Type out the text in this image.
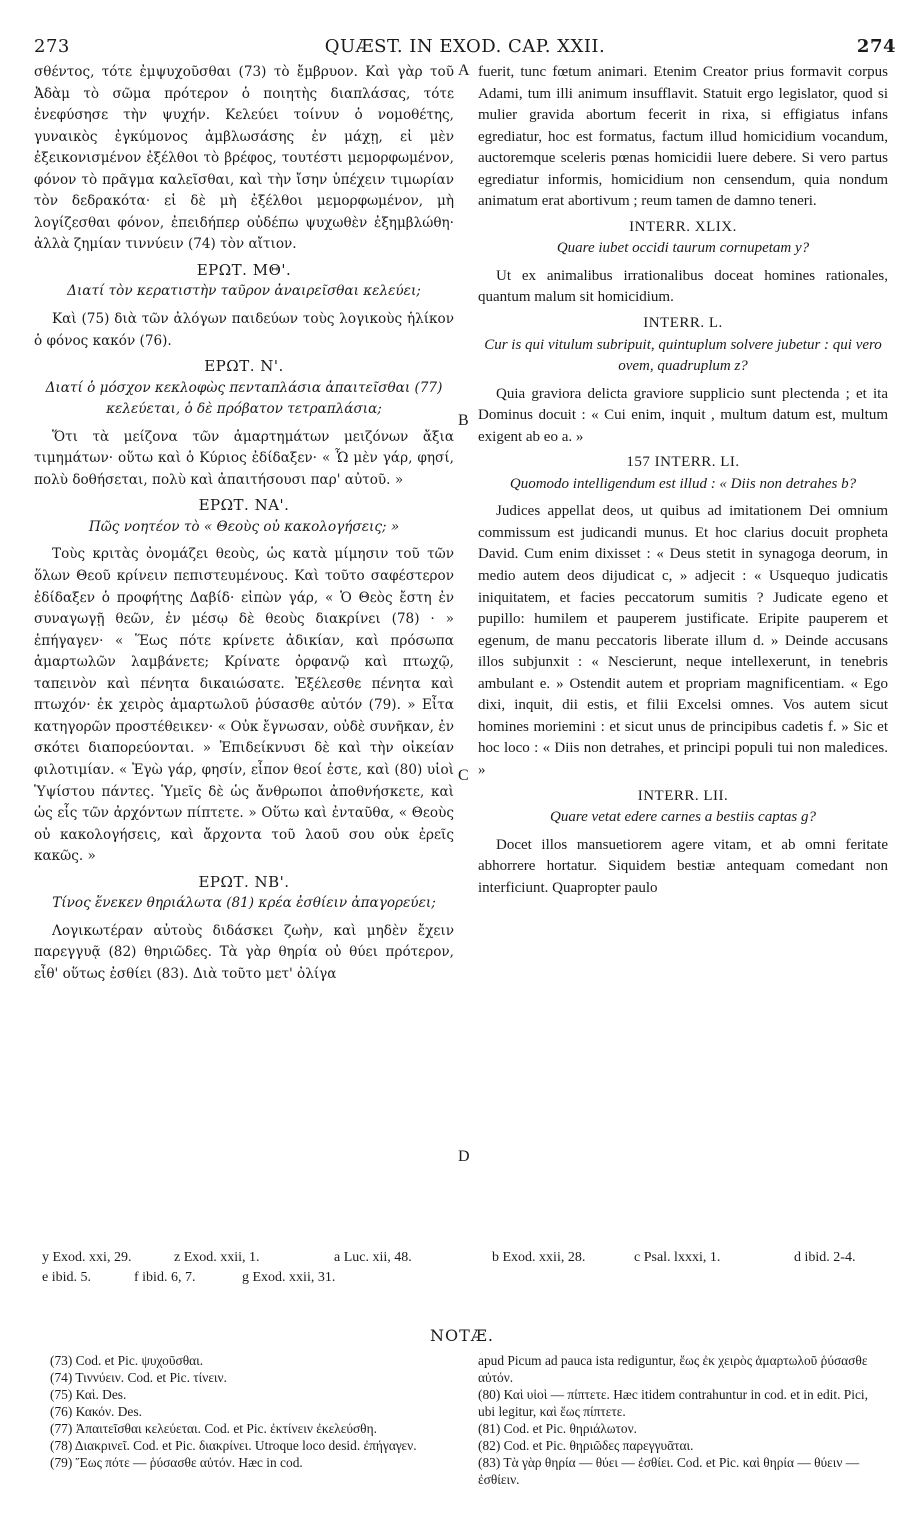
273	QUÆST. IN EXOD. CAP. XXII.	274

σθέντος, τότε ἐμψυχοῦσθαι (73) τὸ ἔμβρυον. Καὶ γὰρ τοῦ Ἀδὰμ τὸ σῶμα πρότερον ὁ ποιητὴς διαπλάσας, τότε ἐνεφύσησε τὴν ψυχήν. Κελεύει τοίνυν ὁ νομοθέτης, γυναικὸς ἐγκύμονος ἀμβλωσάσης ἐν μάχῃ, εἰ μὲν ἐξεικονισμένον ἐξέλθοι τὸ βρέφος, τουτέστι μεμορφωμένον, φόνον τὸ πρᾶγμα καλεῖσθαι, καὶ τὴν ἴσην ὑπέχειν τιμωρίαν τὸν δεδρακότα· εἰ δὲ μὴ ἐξέλθοι μεμορφωμένον, μὴ λογίζεσθαι φόνον, ἐπειδήπερ οὐδέπω ψυχωθὲν ἐξημβλώθη· ἀλλὰ ζημίαν τιννύειν (74) τὸν αἴτιον.

ΕΡΩΤ. ΜΘ'.

Διατί τὸν κερατιστὴν ταῦρον ἀναιρεῖσθαι κελεύει;

Καὶ (75) διὰ τῶν ἀλόγων παιδεύων τοὺς λογικοὺς ἡλίκον ὁ φόνος κακόν (76).

ΕΡΩΤ. Ν'.

Διατί ὁ μόσχον κεκλοφὼς πενταπλάσια ἀπαιτεῖσθαι (77) κελεύεται, ὁ δὲ πρόβατον τετραπλάσια;

Ὅτι τὰ μείζονα τῶν ἁμαρτημάτων μειζόνων ἄξια τιμημάτων· οὕτω καὶ ὁ Κύριος ἐδίδαξεν· « Ὧ μὲν γάρ, φησί, πολὺ δοθήσεται, πολὺ καὶ ἀπαιτήσουσι παρ' αὐτοῦ. »

ΕΡΩΤ. ΝΑ'.

Πῶς νοητέον τὸ « Θεοὺς οὐ κακολογήσεις; »

Τοὺς κριτὰς ὀνομάζει θεοὺς, ὡς κατὰ μίμησιν τοῦ τῶν ὅλων Θεοῦ κρίνειν πεπιστευμένους. Καὶ τοῦτο σαφέστερον ἐδίδαξεν ὁ προφήτης Δαβίδ· εἰπὼν γάρ, « Ὁ Θεὸς ἔστη ἐν συναγωγῇ θεῶν, ἐν μέσῳ δὲ θεοὺς διακρίνει (78) · » ἐπήγαγεν· « Ἕως πότε κρίνετε ἀδικίαν, καὶ πρόσωπα ἁμαρτωλῶν λαμβάνετε; Κρίνατε ὀρφανῷ καὶ πτωχῷ, ταπεινὸν καὶ πένητα δικαιώσατε. Ἐξέλεσθε πένητα καὶ πτωχόν· ἐκ χειρὸς ἁμαρτωλοῦ ῥύσασθε αὐτόν (79). » Εἶτα κατηγορῶν προστέθεικεν· « Οὐκ ἔγνωσαν, οὐδὲ συνῆκαν, ἐν σκότει διαπορεύονται. » Ἐπιδείκνυσι δὲ καὶ τὴν οἰκείαν φιλοτιμίαν. « Ἐγὼ γάρ, φησίν, εἶπον θεοί ἐστε, καὶ (80) υἱοὶ Ὑψίστου πάντες. Ὑμεῖς δὲ ὡς ἄνθρωποι ἀποθνήσκετε, καὶ ὡς εἷς τῶν ἀρχόντων πίπτετε. » Οὕτω καὶ ἐνταῦθα, « Θεοὺς οὐ κακολογήσεις, καὶ ἄρχοντα τοῦ λαοῦ σου οὐκ ἐρεῖς κακῶς. »

ΕΡΩΤ. ΝΒ'.

Τίνος ἕνεκεν θηριάλωτα (81) κρέα ἐσθίειν ἀπαγορεύει;

Λογικωτέραν αὐτοὺς διδάσκει ζωὴν, καὶ μηδὲν ἔχειν παρεγγυᾷ (82) θηριῶδες. Τὰ γὰρ θηρία οὐ θύει πρότερον, εἶθ' οὕτως ἐσθίει (83). Διὰ τοῦτο μετ' ὀλίγα

fuerit, tunc fœtum animari. Etenim Creator prius formavit corpus Adami, tum illi animum insufflavit. Statuit ergo legislator, quod si mulier gravida abortum fecerit in rixa, si effigiatus infans egrediatur, hoc est formatus, factum illud homicidium vocandum, auctoremque sceleris pœnas homicidii luere debere. Si vero partus egrediatur informis, homicidium non censendum, quia nondum animatum erat abortivum ; reum tamen de damno teneri.

INTERR. XLIX.

Quare iubet occidi taurum cornupetam y?

Ut ex animalibus irrationalibus doceat homines rationales, quantum malum sit homicidium.

INTERR. L.

Cur is qui vitulum subripuit, quintuplum solvere jubetur : qui vero ovem, quadruplum z?

Quia graviora delicta graviore supplicio sunt plectenda ; et ita Dominus docuit : « Cui enim, inquit , multum datum est, multum exigent ab eo a. »

157 INTERR. LI.

Quomodo intelligendum est illud : « Diis non detrahes b?

Judices appellat deos, ut quibus ad imitationem Dei omnium commissum est judicandi munus. Et hoc clarius docuit propheta David. Cum enim dixisset : « Deus stetit in synagoga deorum, in medio autem deos dijudicat c, » adjecit : « Usquequo judicatis iniquitatem, et facies peccatorum sumitis ? Judicate egeno et pupillo: humilem et pauperem justificate. Eripite pauperem et egenum, de manu peccatoris liberate illum d. » Deinde accusans illos subjunxit : « Nescierunt, neque intellexerunt, in tenebris ambulant e. » Ostendit autem et propriam magnificentiam. « Ego dixi, inquit, dii estis, et filii Excelsi omnes. Vos autem sicut homines moriemini : et sicut unus de principibus cadetis f. » Sic et hoc loco : « Diis non detrahes, et principi populi tui non maledices. »

INTERR. LII.

Quare vetat edere carnes a bestiis captas g?

Docet illos mansuetiorem agere vitam, et ab omni feritate abhorrere hortatur. Siquidem bestiæ antequam comedant non interficiunt. Quapropter paulo

A
B
C
D
y Exod. xxi, 29.	z Exod. xxii, 1.	a Luc. xii, 48.	b Exod. xxii, 28.	c Psal. lxxxi, 1.	d ibid. 2-4.
e ibid. 5.	f ibid. 6, 7.	g Exod. xxii, 31.
NOTÆ.

(73) Cod. et Pic. ψυχοῦσθαι.

(74) Τιννύειν. Cod. et Pic. τίνειν.

(75) Καὶ. Des.

(76) Κακόν. Des.

(77) Ἀπαιτεῖσθαι κελεύεται. Cod. et Pic. ἐκτίνειν ἐκελεύσθη.

(78) Διακρινεῖ. Cod. et Pic. διακρίνει. Utroque loco desid. ἐπήγαγεν.

(79) Ἕως πότε — ῥύσασθε αὐτόν. Hæc in cod.

apud Picum ad pauca ista rediguntur, ἕως ἐκ χειρὸς ἁμαρτωλοῦ ῥύσασθε αὐτόν.

(80) Καὶ υἱοὶ — πίπτετε. Hæc itidem contrahuntur in cod. et in edit. Pici, ubi legitur, καὶ ἕως πίπτετε.

(81) Cod. et Pic. θηριάλωτον.

(82) Cod. et Pic. θηριῶδες παρεγγυᾶται.

(83) Τὰ γὰρ θηρία — θύει — ἐσθίει. Cod. et Pic. καὶ θηρία — θύειν — ἐσθίειν.
